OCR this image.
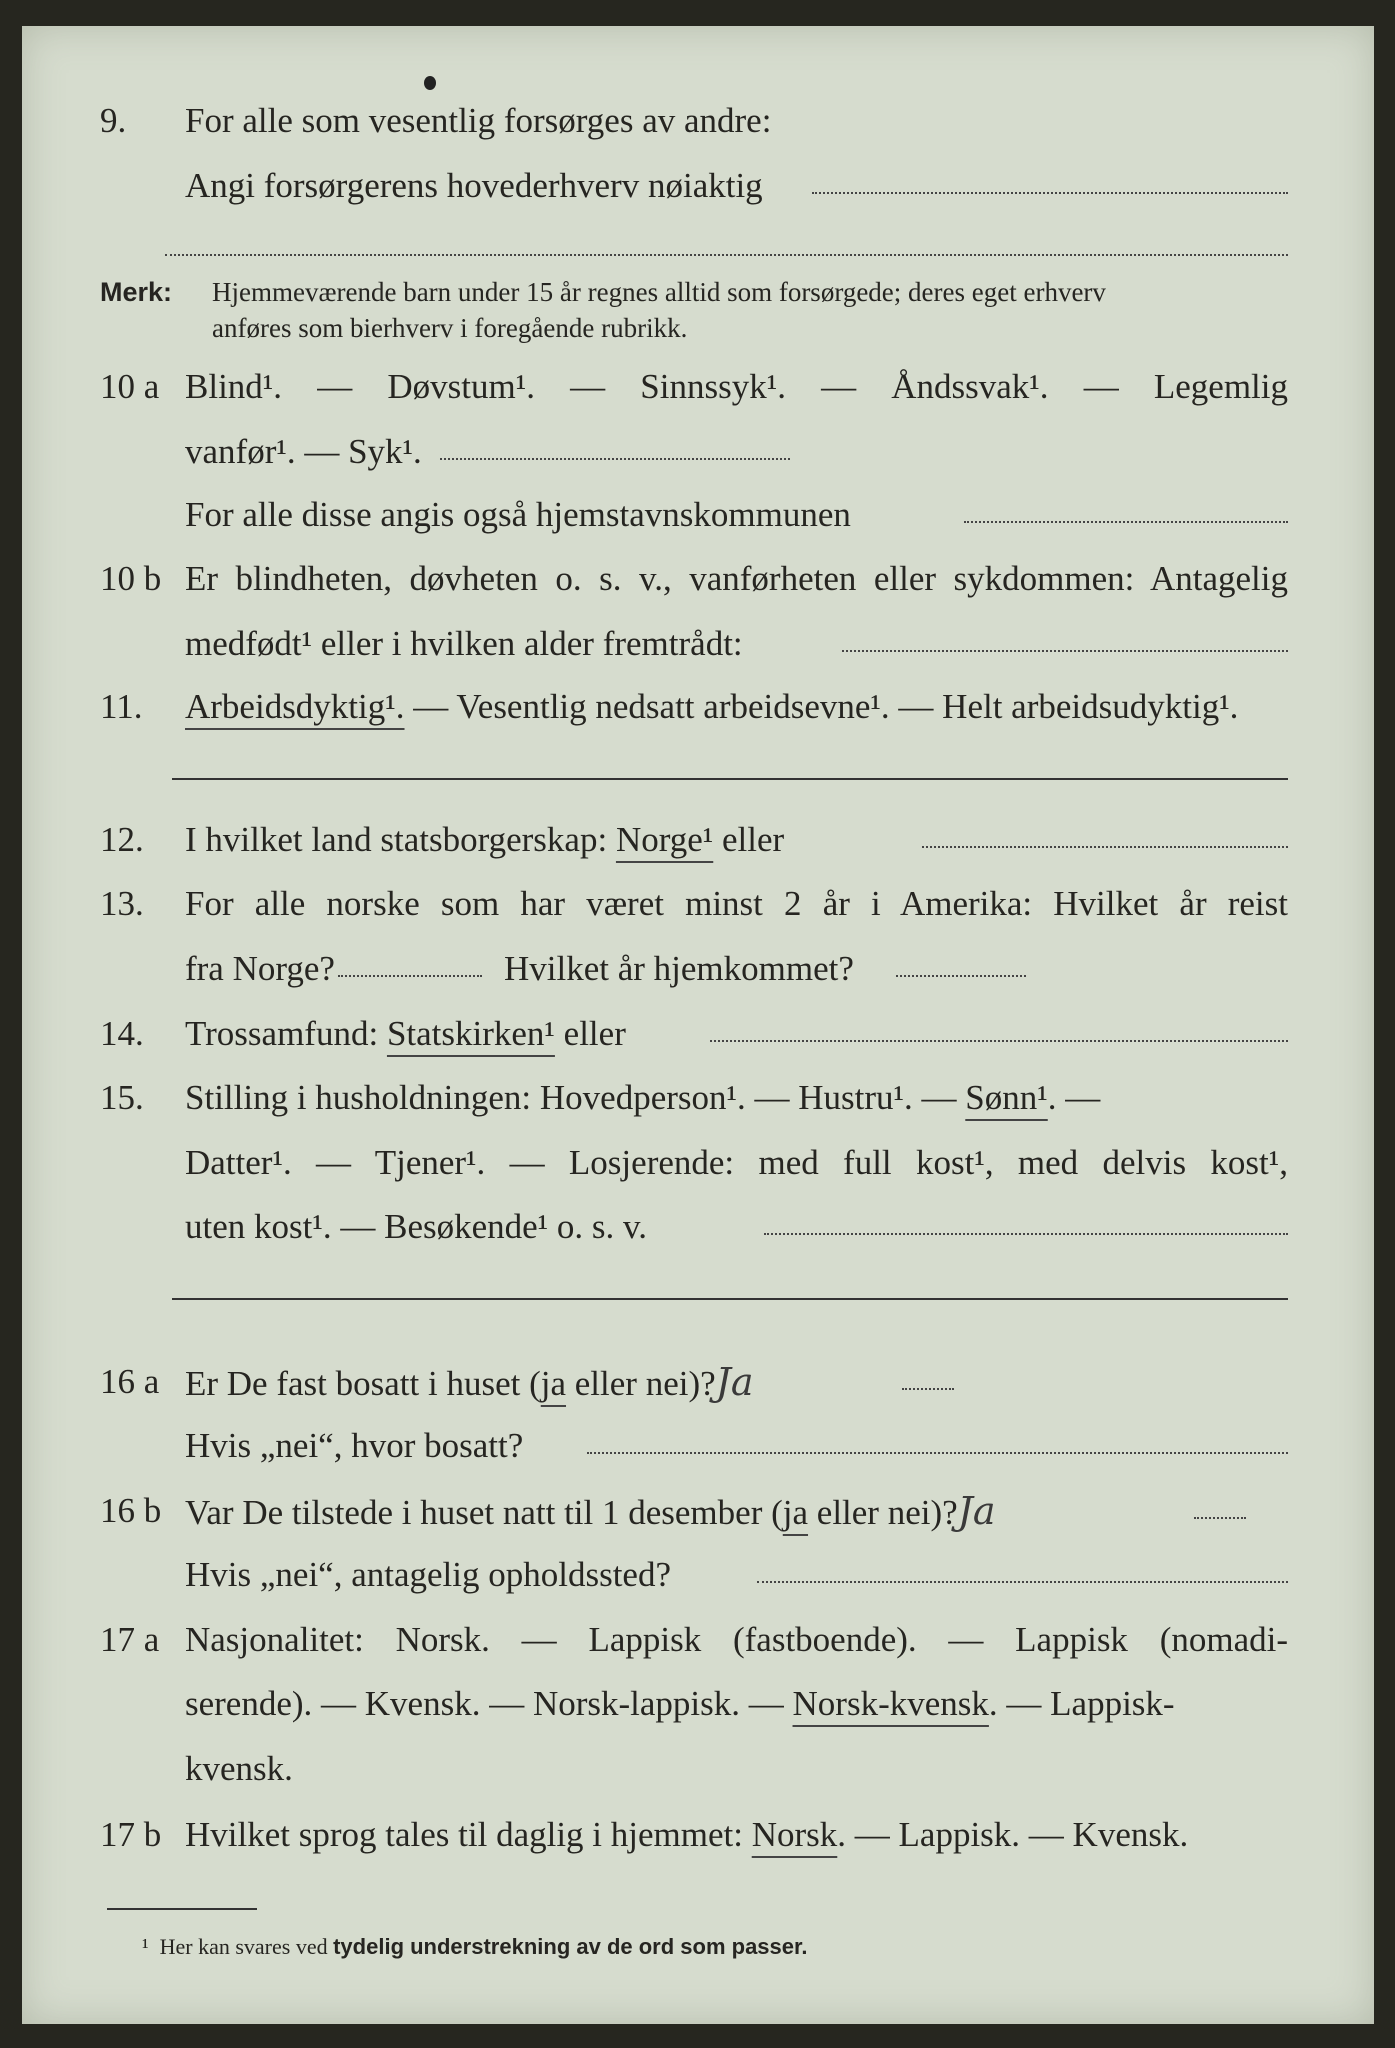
9. For alle som vesentlig forsørges av andre:
Angi forsørgerens hovederhverv nøiaktig
Merk: Hjemmeværende barn under 15 år regnes alltid som forsørgede; deres eget erhverv
anføres som bierhverv i foregående rubrikk.
10 a Blind¹. — Døvstum¹. — Sinnssyk¹. — Åndssvak¹. — Legemlig
vanfør¹. — Syk¹.
For alle disse angis også hjemstavnskommunen
10 b Er blindheten, døvheten o. s. v., vanførheten eller sykdommen: Antagelig
medfødt¹ eller i hvilken alder fremtrådt:
11. Arbeidsdyktig¹. — Vesentlig nedsatt arbeidsevne¹. — Helt arbeidsudyktig¹.
12. I hvilket land statsborgerskap: Norge¹ eller
13. For alle norske som har været minst 2 år i Amerika: Hvilket år reist
fra Norge?	Hvilket år hjemkommet?
14. Trossamfund: Statskirken¹ eller
15. Stilling i husholdningen: Hovedperson¹. — Hustru¹. — Sønn¹. —
Datter¹. — Tjener¹. — Losjerende: med full kost¹, med delvis kost¹,
uten kost¹. — Besøkende¹ o. s. v.
16 a Er De fast bosatt i huset (ja eller nei)?Ja
Hvis „nei“, hvor bosatt?
16 b Var De tilstede i huset natt til 1 desember (ja eller nei)?Ja
Hvis „nei“, antagelig opholdssted?
17 a Nasjonalitet: Norsk. — Lappisk (fastboende). — Lappisk (nomadi-
serende). — Kvensk. — Norsk-lappisk. — Norsk-kvensk. — Lappisk-
kvensk.
17 b Hvilket sprog tales til daglig i hjemmet: Norsk. — Lappisk. — Kvensk.
¹ Her kan svares ved tydelig understrekning av de ord som passer.
